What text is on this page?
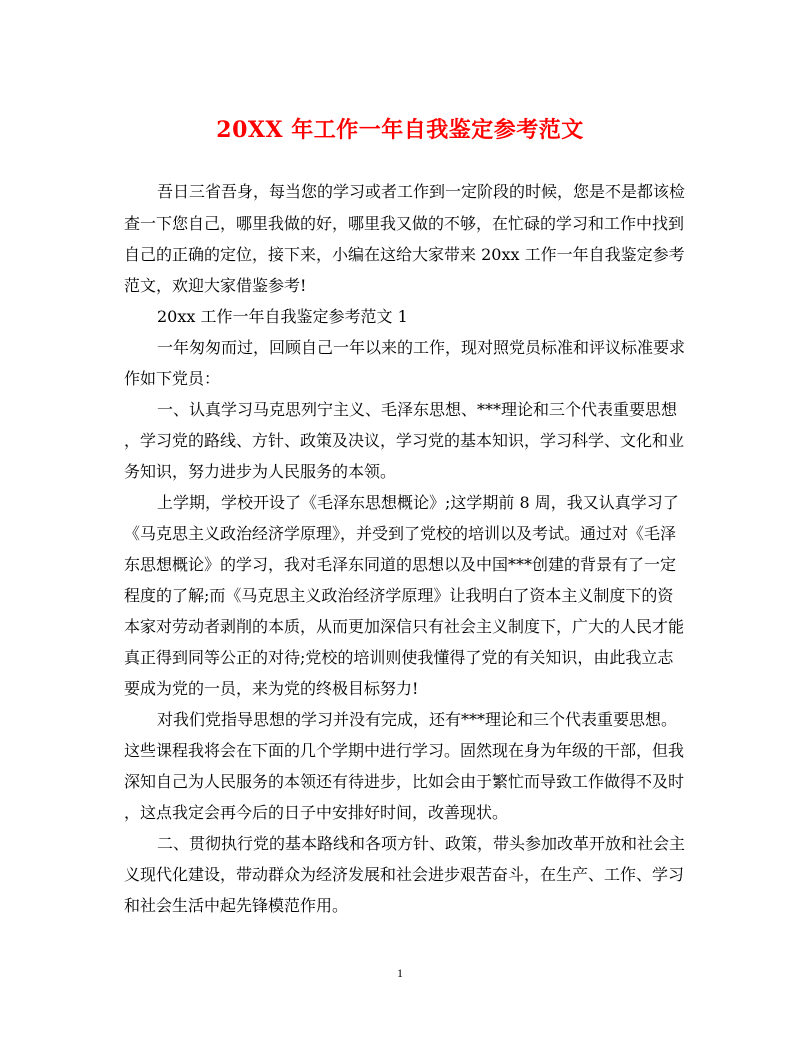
20XX 年工作一年自我鉴定参考范文
吾日三省吾身，每当您的学习或者工作到一定阶段的时候，您是不是都该检
查一下您自己，哪里我做的好，哪里我又做的不够，在忙碌的学习和工作中找到
自己的正确的定位，接下来，小编在这给大家带来 20xx 工作一年自我鉴定参考
范文，欢迎大家借鉴参考!
20xx 工作一年自我鉴定参考范文 1
一年匆匆而过，回顾自己一年以来的工作，现对照党员标准和评议标准要求
作如下党员：
一、认真学习马克思列宁主义、毛泽东思想、***理论和三个代表重要思想
，学习党的路线、方针、政策及决议，学习党的基本知识，学习科学、文化和业
务知识，努力进步为人民服务的本领。
上学期，学校开设了《毛泽东思想概论》;这学期前 8 周，我又认真学习了
《马克思主义政治经济学原理》，并受到了党校的培训以及考试。通过对《毛泽
东思想概论》的学习，我对毛泽东同道的思想以及中国***创建的背景有了一定
程度的了解;而《马克思主义政治经济学原理》让我明白了资本主义制度下的资
本家对劳动者剥削的本质，从而更加深信只有社会主义制度下，广大的人民才能
真正得到同等公正的对待;党校的培训则使我懂得了党的有关知识，由此我立志
要成为党的一员，来为党的终极目标努力!
对我们党指导思想的学习并没有完成，还有***理论和三个代表重要思想。
这些课程我将会在下面的几个学期中进行学习。固然现在身为年级的干部，但我
深知自己为人民服务的本领还有待进步，比如会由于繁忙而导致工作做得不及时
，这点我定会再今后的日子中安排好时间，改善现状。
二、贯彻执行党的基本路线和各项方针、政策，带头参加改革开放和社会主
义现代化建设，带动群众为经济发展和社会进步艰苦奋斗，在生产、工作、学习
和社会生活中起先锋模范作用。
1
